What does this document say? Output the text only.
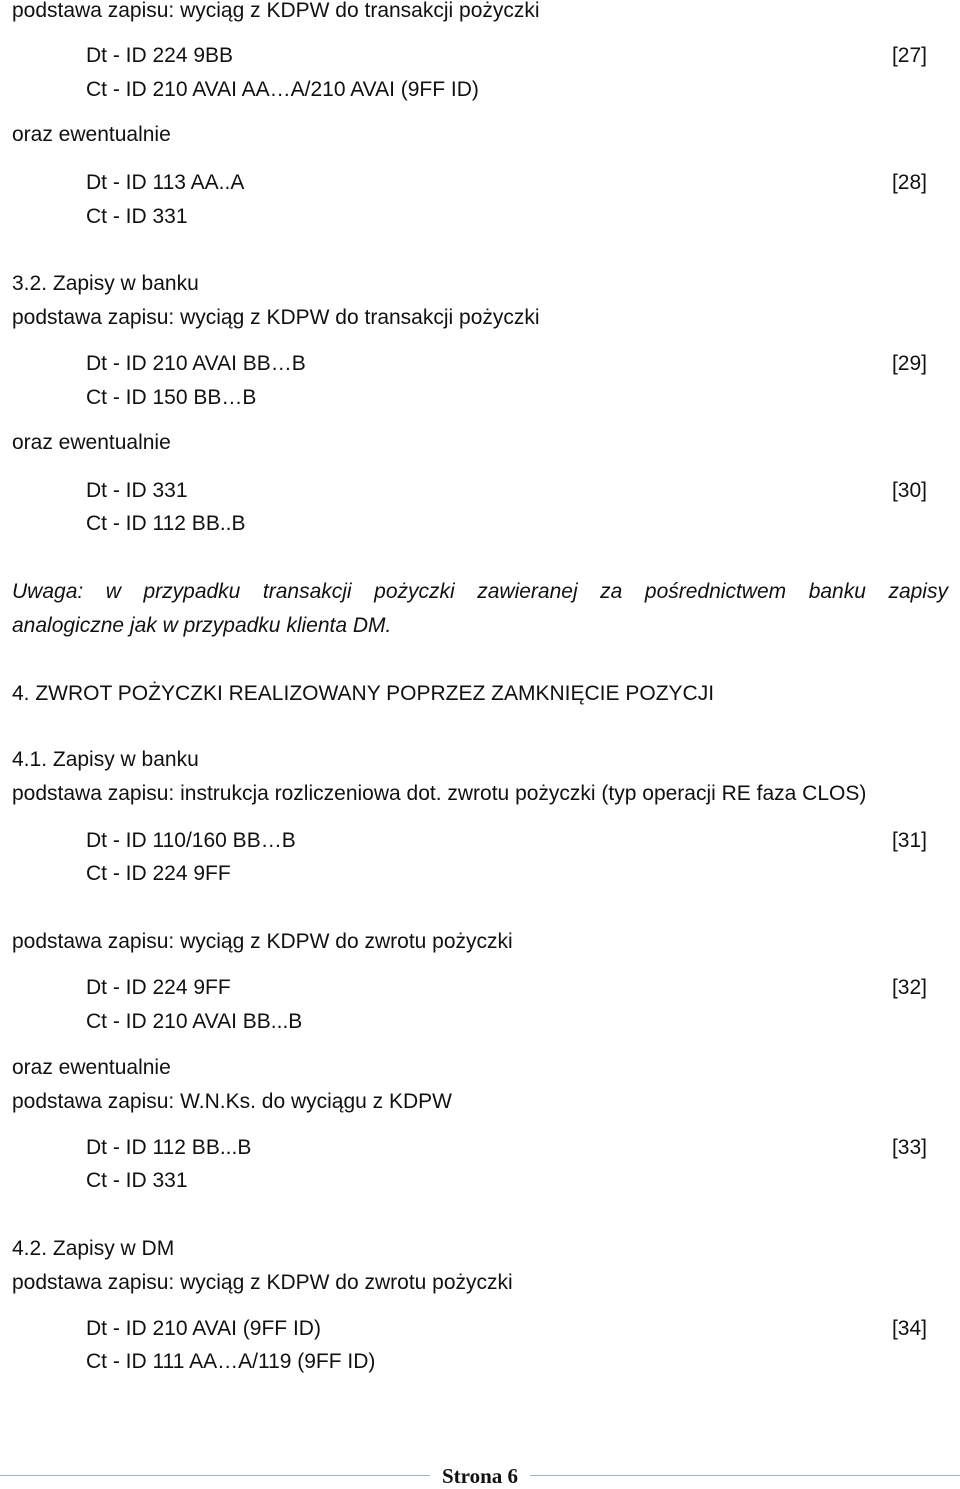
podstawa zapisu: wyciąg z KDPW do transakcji pożyczki
Dt - ID 224 9BB	[27]
Ct - ID 210 AVAI AA…A/210 AVAI (9FF ID)
oraz ewentualnie
Dt - ID 113 AA..A	[28]
Ct - ID 331
3.2. Zapisy w banku
podstawa zapisu: wyciąg z KDPW do transakcji pożyczki
Dt - ID 210 AVAI BB…B	[29]
Ct - ID 150 BB…B
oraz ewentualnie
Dt - ID 331	[30]
Ct - ID 112 BB..B
Uwaga: w przypadku transakcji pożyczki zawieranej za pośrednictwem banku zapisy
analogiczne jak w przypadku klienta DM.
4. ZWROT POŻYCZKI REALIZOWANY POPRZEZ ZAMKNIĘCIE POZYCJI
4.1. Zapisy w banku
podstawa zapisu: instrukcja rozliczeniowa dot. zwrotu pożyczki (typ operacji RE faza CLOS)
Dt - ID 110/160 BB…B	[31]
Ct - ID 224 9FF
podstawa zapisu: wyciąg z KDPW do zwrotu pożyczki
Dt - ID 224 9FF	[32]
Ct - ID 210 AVAI BB...B
oraz ewentualnie
podstawa zapisu: W.N.Ks. do wyciągu z KDPW
Dt - ID 112 BB...B	[33]
Ct - ID 331
4.2. Zapisy w DM
podstawa zapisu: wyciąg z KDPW do zwrotu pożyczki
Dt - ID 210 AVAI (9FF ID)	[34]
Ct - ID 111 AA…A/119 (9FF ID)
Strona 6
